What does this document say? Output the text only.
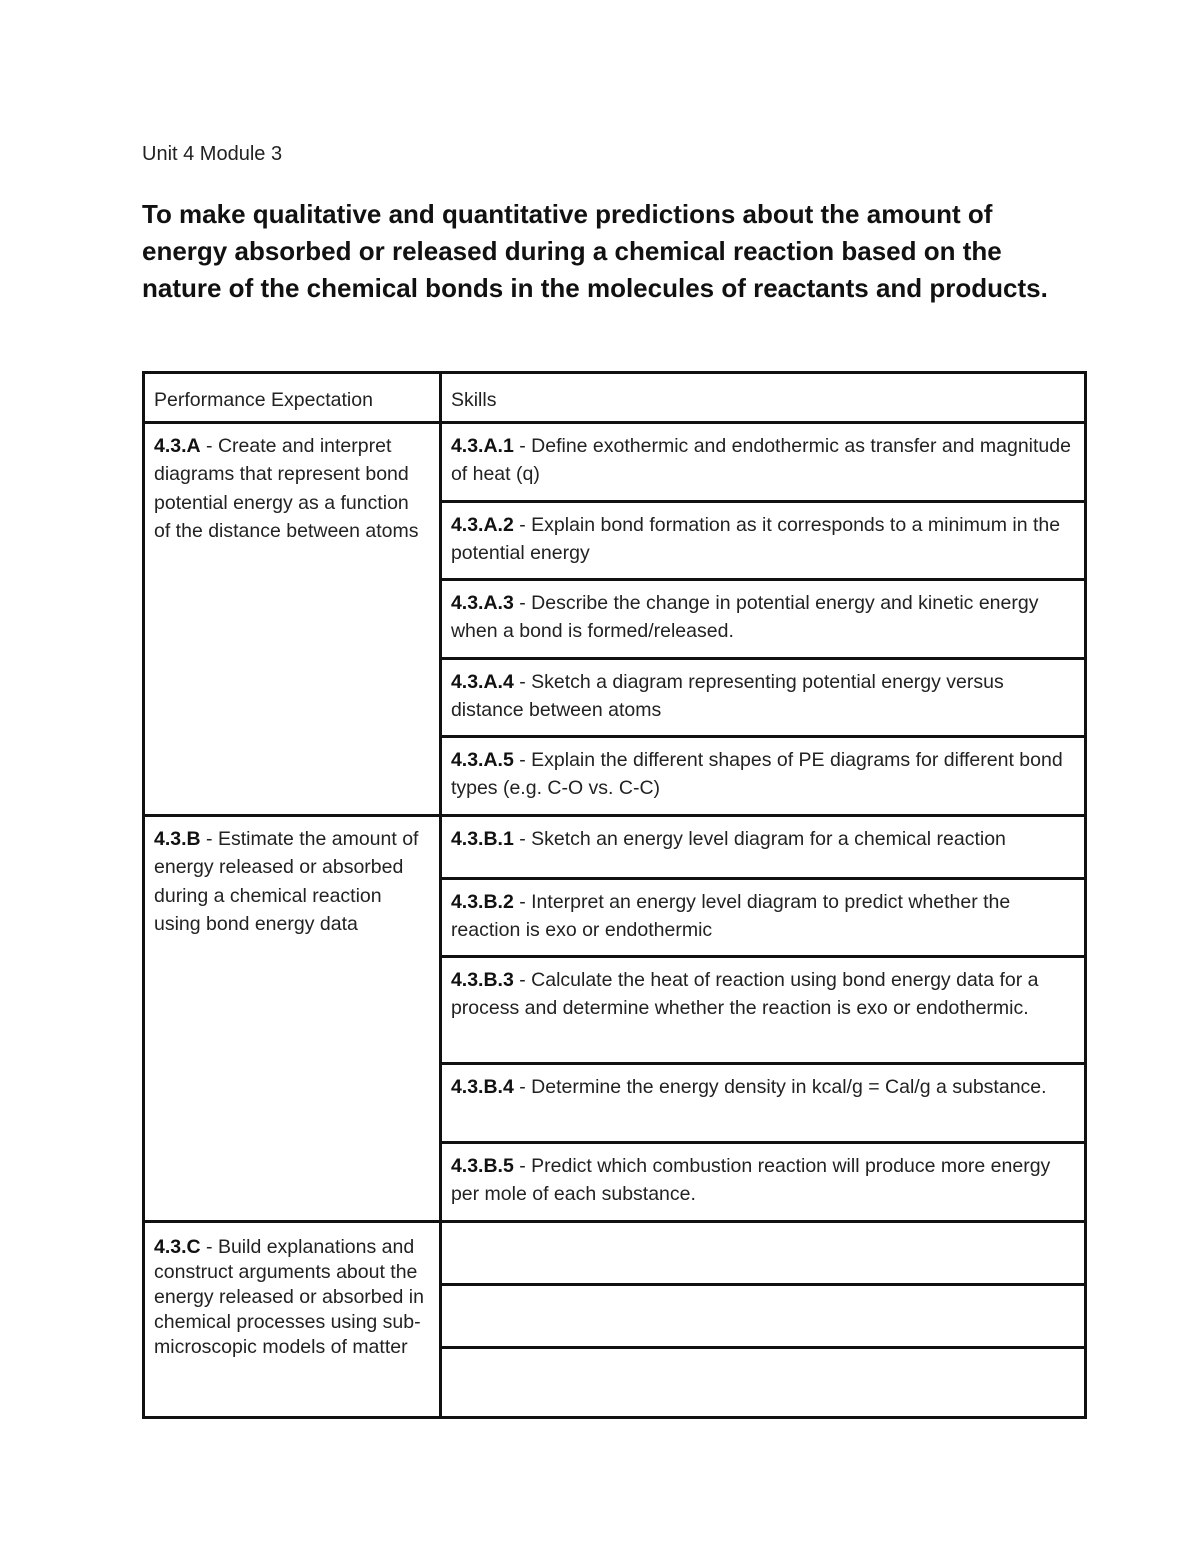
Unit 4 Module 3
To make qualitative and quantitative predictions about the amount of energy absorbed or released during a chemical reaction based on the nature of the chemical bonds in the molecules of reactants and products.
Performance Expectation	Skills
4.3.A - Create and interpret diagrams that represent bond potential energy as a function of the distance between atoms	4.3.A.1 - Define exothermic and endothermic as transfer and magnitude of heat (q)
	4.3.A.2 - Explain bond formation as it corresponds to a minimum in the potential energy
	4.3.A.3 - Describe the change in potential energy and kinetic energy when a bond is formed/released.
	4.3.A.4 - Sketch a diagram representing potential energy versus distance between atoms
	4.3.A.5 - Explain the different shapes of PE diagrams for different bond types (e.g. C-O vs. C-C)
4.3.B - Estimate the amount of energy released or absorbed during a chemical reaction using bond energy data	4.3.B.1 - Sketch an energy level diagram for a chemical reaction
	4.3.B.2 - Interpret an energy level diagram to predict whether the reaction is exo or endothermic
	4.3.B.3 - Calculate the heat of reaction using bond energy data for a process and determine whether the reaction is exo or endothermic.
	4.3.B.4 - Determine the energy density in kcal/g = Cal/g a substance.
	4.3.B.5 - Predict which combustion reaction will produce more energy per mole of each substance.
4.3.C - Build explanations and construct arguments about the energy released or absorbed in chemical processes using sub-microscopic models of matter	
